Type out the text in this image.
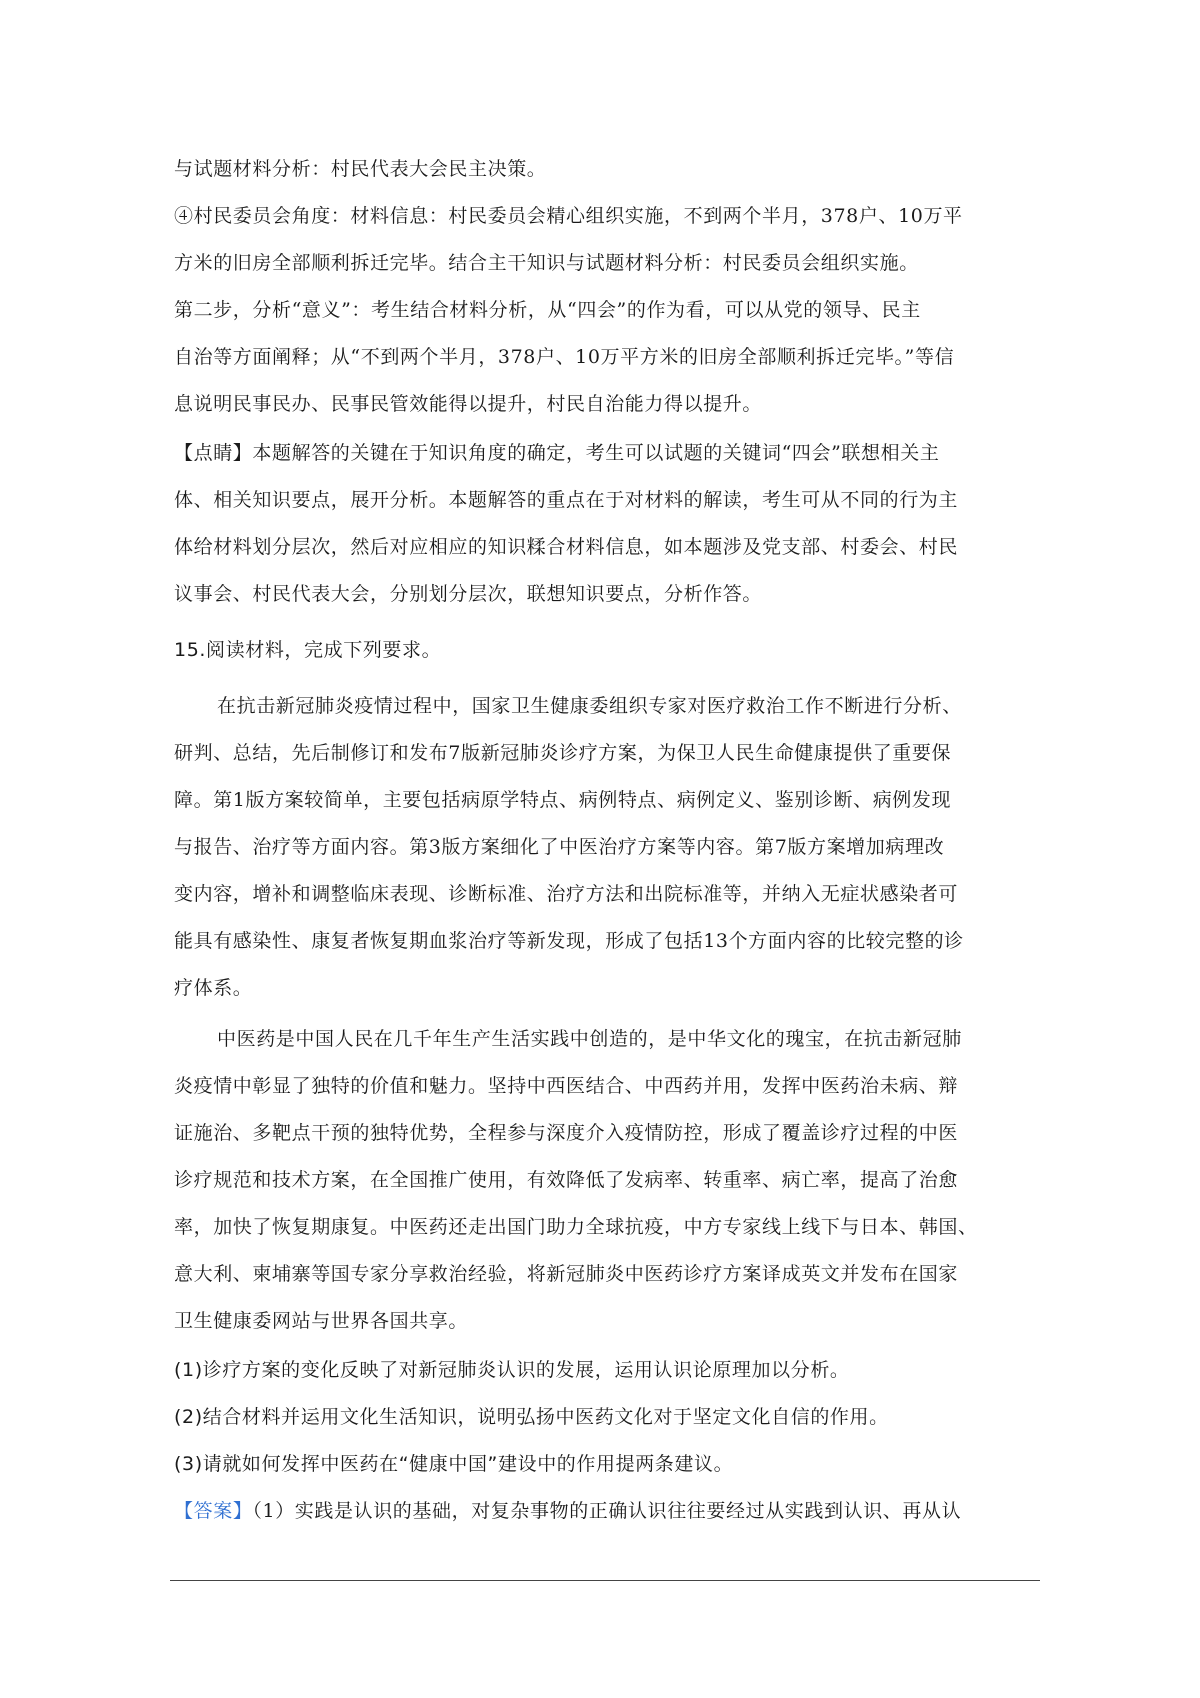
与试题材料分析：村民代表大会民主决策。
④村民委员会角度：材料信息：村民委员会精心组织实施，不到两个半月，378户、10万平
方米的旧房全部顺利拆迁完毕。结合主干知识与试题材料分析：村民委员会组织实施。
第二步，分析“意义”：考生结合材料分析，从“四会”的作为看，可以从党的领导、民主
自治等方面阐释；从“不到两个半月，378户、10万平方米的旧房全部顺利拆迁完毕。”等信
息说明民事民办、民事民管效能得以提升，村民自治能力得以提升。
【点睛】本题解答的关键在于知识角度的确定，考生可以试题的关键词“四会”联想相关主
体、相关知识要点，展开分析。本题解答的重点在于对材料的解读，考生可从不同的行为主
体给材料划分层次，然后对应相应的知识糅合材料信息，如本题涉及党支部、村委会、村民
议事会、村民代表大会，分别划分层次，联想知识要点，分析作答。
15.阅读材料，完成下列要求。
在抗击新冠肺炎疫情过程中，国家卫生健康委组织专家对医疗救治工作不断进行分析、
研判、总结，先后制修订和发布7版新冠肺炎诊疗方案，为保卫人民生命健康提供了重要保
障。第1版方案较简单，主要包括病原学特点、病例特点、病例定义、鉴别诊断、病例发现
与报告、治疗等方面内容。第3版方案细化了中医治疗方案等内容。第7版方案增加病理改
变内容，增补和调整临床表现、诊断标准、治疗方法和出院标准等，并纳入无症状感染者可
能具有感染性、康复者恢复期血浆治疗等新发现，形成了包括13个方面内容的比较完整的诊
疗体系。
中医药是中国人民在几千年生产生活实践中创造的，是中华文化的瑰宝，在抗击新冠肺
炎疫情中彰显了独特的价值和魅力。坚持中西医结合、中西药并用，发挥中医药治未病、辩
证施治、多靶点干预的独特优势，全程参与深度介入疫情防控，形成了覆盖诊疗过程的中医
诊疗规范和技术方案，在全国推广使用，有效降低了发病率、转重率、病亡率，提高了治愈
率，加快了恢复期康复。中医药还走出国门助力全球抗疫，中方专家线上线下与日本、韩国、
意大利、柬埔寨等国专家分享救治经验，将新冠肺炎中医药诊疗方案译成英文并发布在国家
卫生健康委网站与世界各国共享。
(1)诊疗方案的变化反映了对新冠肺炎认识的发展，运用认识论原理加以分析。
(2)结合材料并运用文化生活知识，说明弘扬中医药文化对于坚定文化自信的作用。
(3)请就如何发挥中医药在“健康中国”建设中的作用提两条建议。
【答案】（1）实践是认识的基础，对复杂事物的正确认识往往要经过从实践到认识、再从认
